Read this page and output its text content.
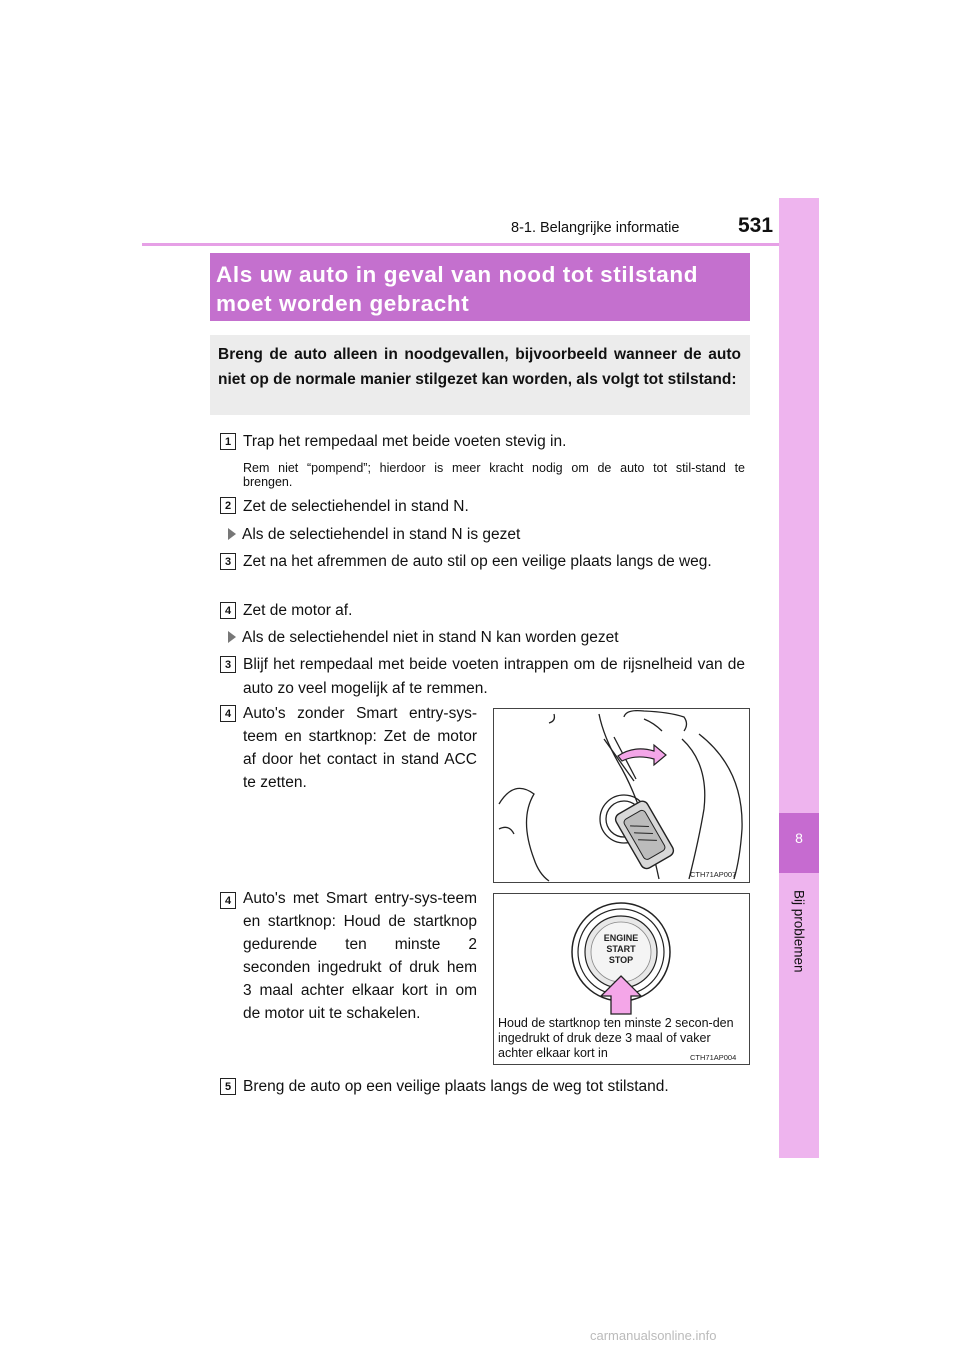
8-1. Belangrijke informatie	531
8
Bij problemen
Als uw auto in geval van nood tot stilstand moet worden gebracht
Breng de auto alleen in noodgevallen, bijvoorbeeld wanneer de auto niet op de normale manier stilgezet kan worden, als volgt tot stilstand:
1 Trap het rempedaal met beide voeten stevig in.
Rem niet “pompend”; hierdoor is meer kracht nodig om de auto tot stil-stand te brengen.
2 Zet de selectiehendel in stand N.
Als de selectiehendel in stand N is gezet
3 Zet na het afremmen de auto stil op een veilige plaats langs de weg.
4 Zet de motor af.
Als de selectiehendel niet in stand N kan worden gezet
3 Blijf het rempedaal met beide voeten intrappen om de rijsnelheid van de auto zo veel mogelijk af te remmen.
4 Auto's zonder Smart entry-sys-teem en startknop: Zet de motor af door het contact in stand ACC te zetten.
CTH71AP007
4 Auto's met Smart entry-sys-teem en startknop: Houd de startknop gedurende ten minste 2 seconden ingedrukt of druk hem 3 maal achter elkaar kort in om de motor uit te schakelen.
ENGINE
START
STOP
CTH71AP004
Houd de startknop ten minste 2 secon-den ingedrukt of druk deze 3 maal of vaker achter elkaar kort in
5 Breng de auto op een veilige plaats langs de weg tot stilstand.
carmanualsonline.info
